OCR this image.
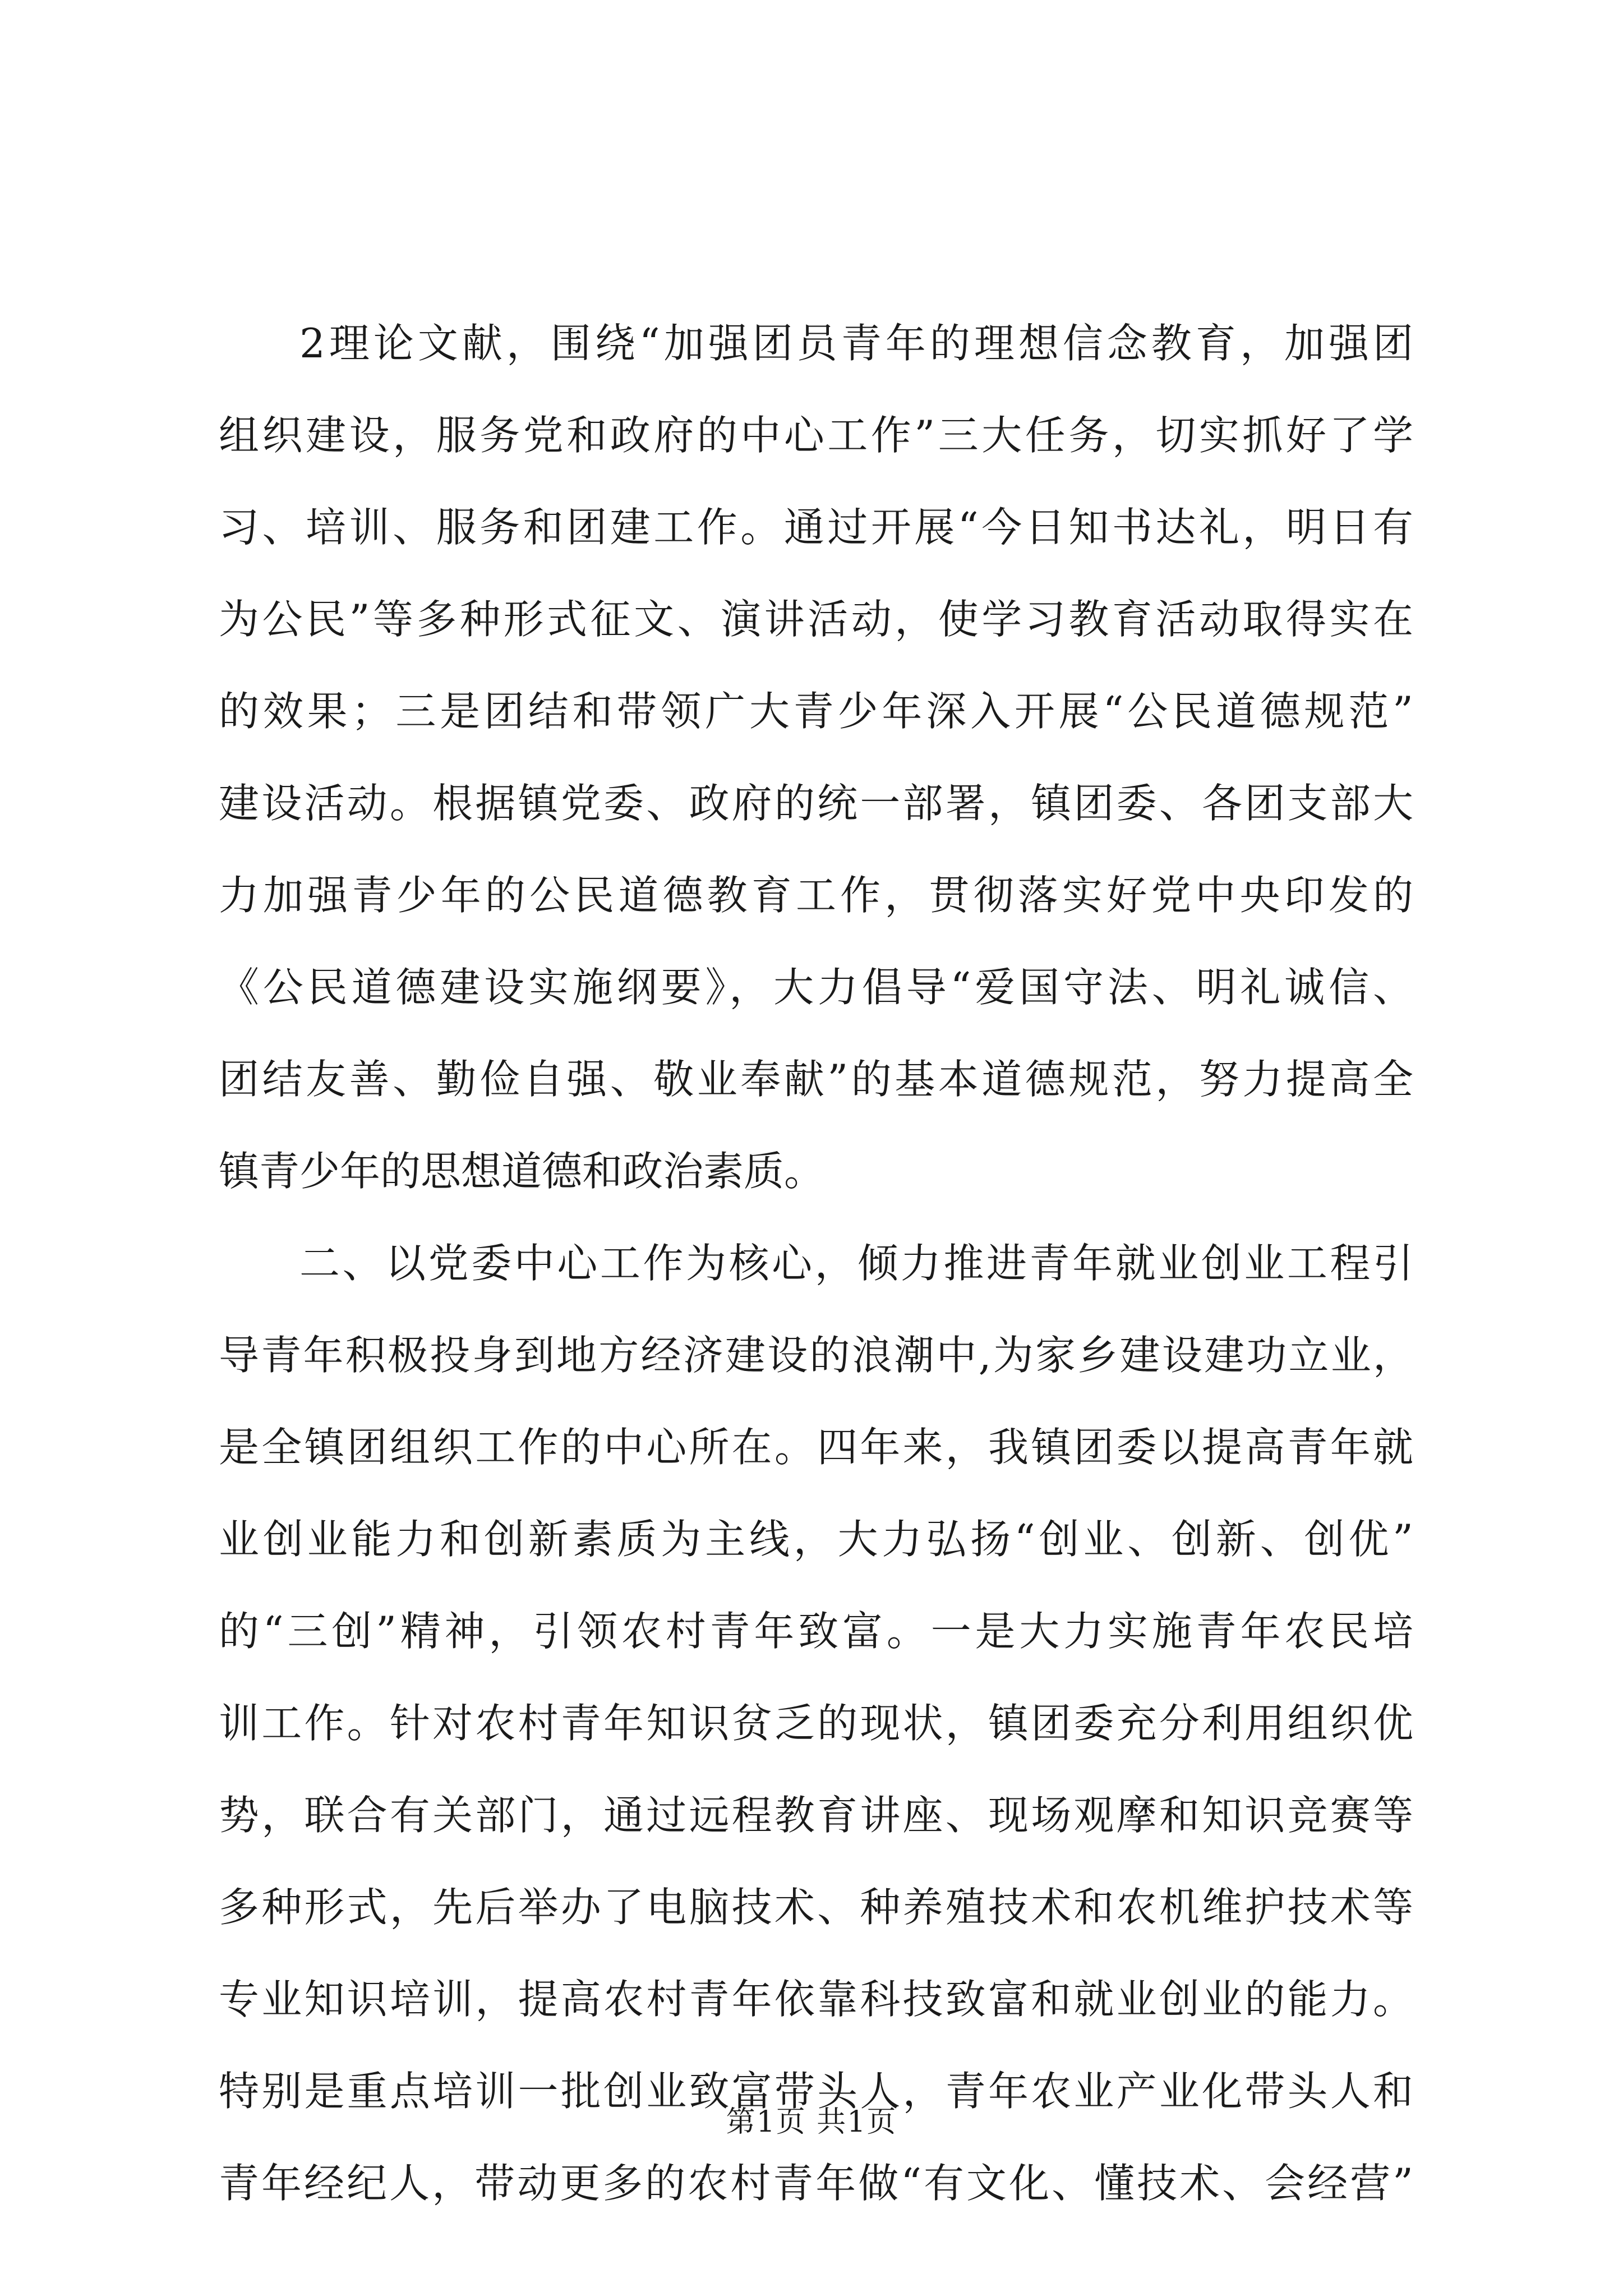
2理论文献，围绕“加强团员青年的理想信念教育，加强团
组织建设，服务党和政府的中心工作”三大任务，切实抓好了学
习、培训、服务和团建工作。通过开展“今日知书达礼，明日有
为公民”等多种形式征文、演讲活动，使学习教育活动取得实在
的效果；三是团结和带领广大青少年深入开展“公民道德规范”
建设活动。根据镇党委、政府的统一部署，镇团委、各团支部大
力加强青少年的公民道德教育工作，贯彻落实好党中央印发的
《公民道德建设实施纲要》，大力倡导“爱国守法、明礼诚信、
团结友善、勤俭自强、敬业奉献”的基本道德规范，努力提高全
镇青少年的思想道德和政治素质。
二、以党委中心工作为核心，倾力推进青年就业创业工程引
导青年积极投身到地方经济建设的浪潮中,为家乡建设建功立业，
是全镇团组织工作的中心所在。四年来，我镇团委以提高青年就
业创业能力和创新素质为主线，大力弘扬“创业、创新、创优”
的“三创”精神，引领农村青年致富。一是大力实施青年农民培
训工作。针对农村青年知识贫乏的现状，镇团委充分利用组织优
势，联合有关部门，通过远程教育讲座、现场观摩和知识竞赛等
多种形式，先后举办了电脑技术、种养殖技术和农机维护技术等
专业知识培训，提高农村青年依靠科技致富和就业创业的能力。
特别是重点培训一批创业致富带头人，青年农业产业化带头人和
青年经纪人，带动更多的农村青年做“有文化、懂技术、会经营”
第1页 共1页
